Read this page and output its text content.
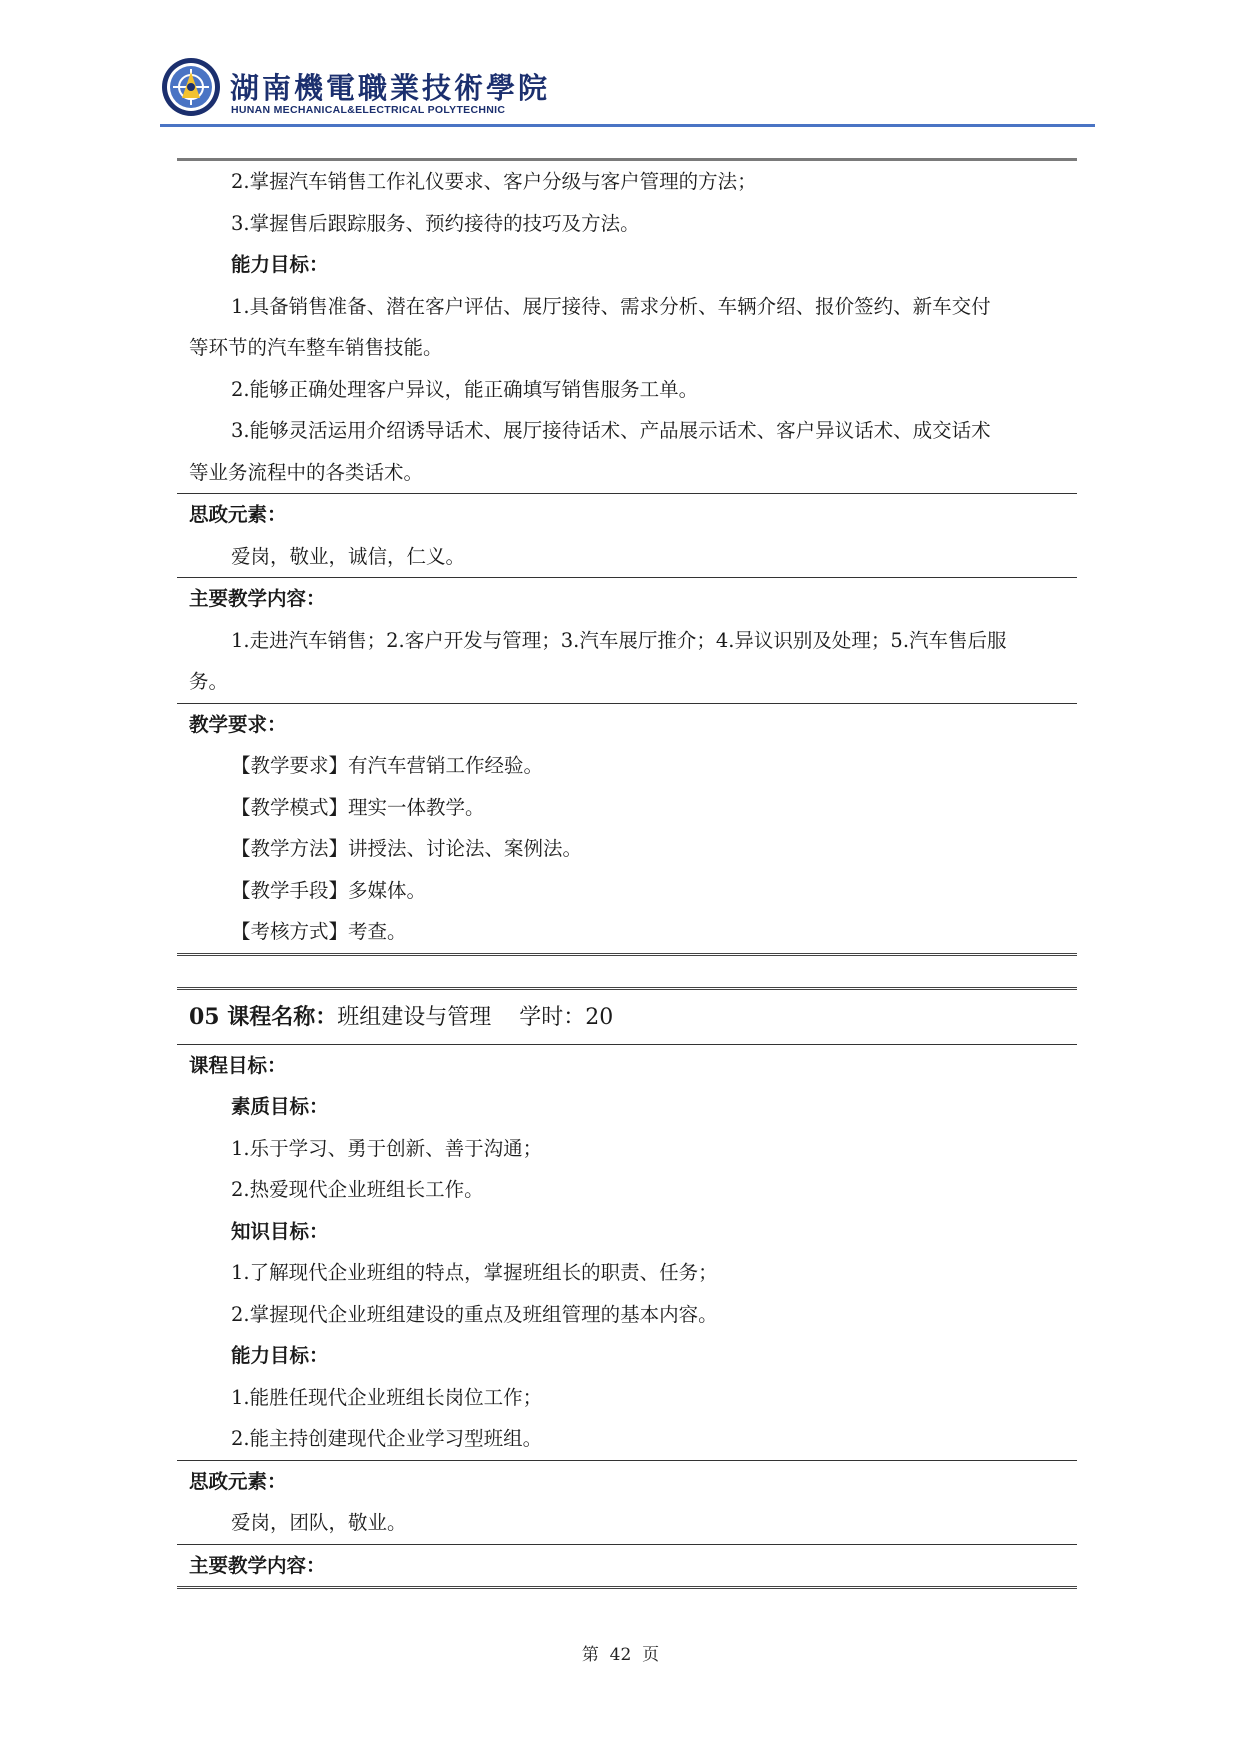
湖南機電職業技術學院
HUNAN MECHANICAL&ELECTRICAL POLYTECHNIC
2.掌握汽车销售工作礼仪要求、客户分级与客户管理的方法；
3.掌握售后跟踪服务、预约接待的技巧及方法。
能力目标：
1.具备销售准备、潜在客户评估、展厅接待、需求分析、车辆介绍、报价签约、新车交付
等环节的汽车整车销售技能。
2.能够正确处理客户异议，能正确填写销售服务工单。
3.能够灵活运用介绍诱导话术、展厅接待话术、产品展示话术、客户异议话术、成交话术
等业务流程中的各类话术。
思政元素：
爱岗，敬业，诚信，仁义。
主要教学内容：
1.走进汽车销售；2.客户开发与管理；3.汽车展厅推介；4.异议识别及处理；5.汽车售后服
务。
教学要求：
【教学要求】有汽车营销工作经验。
【教学模式】理实一体教学。
【教学方法】讲授法、讨论法、案例法。
【教学手段】多媒体。
【考核方式】考查。
05 课程名称：班组建设与管理 学时：20
课程目标：
素质目标：
1.乐于学习、勇于创新、善于沟通；
2.热爱现代企业班组长工作。
知识目标：
1.了解现代企业班组的特点，掌握班组长的职责、任务；
2.掌握现代企业班组建设的重点及班组管理的基本内容。
能力目标：
1.能胜任现代企业班组长岗位工作；
2.能主持创建现代企业学习型班组。
思政元素：
爱岗，团队，敬业。
主要教学内容：
第  42  页
